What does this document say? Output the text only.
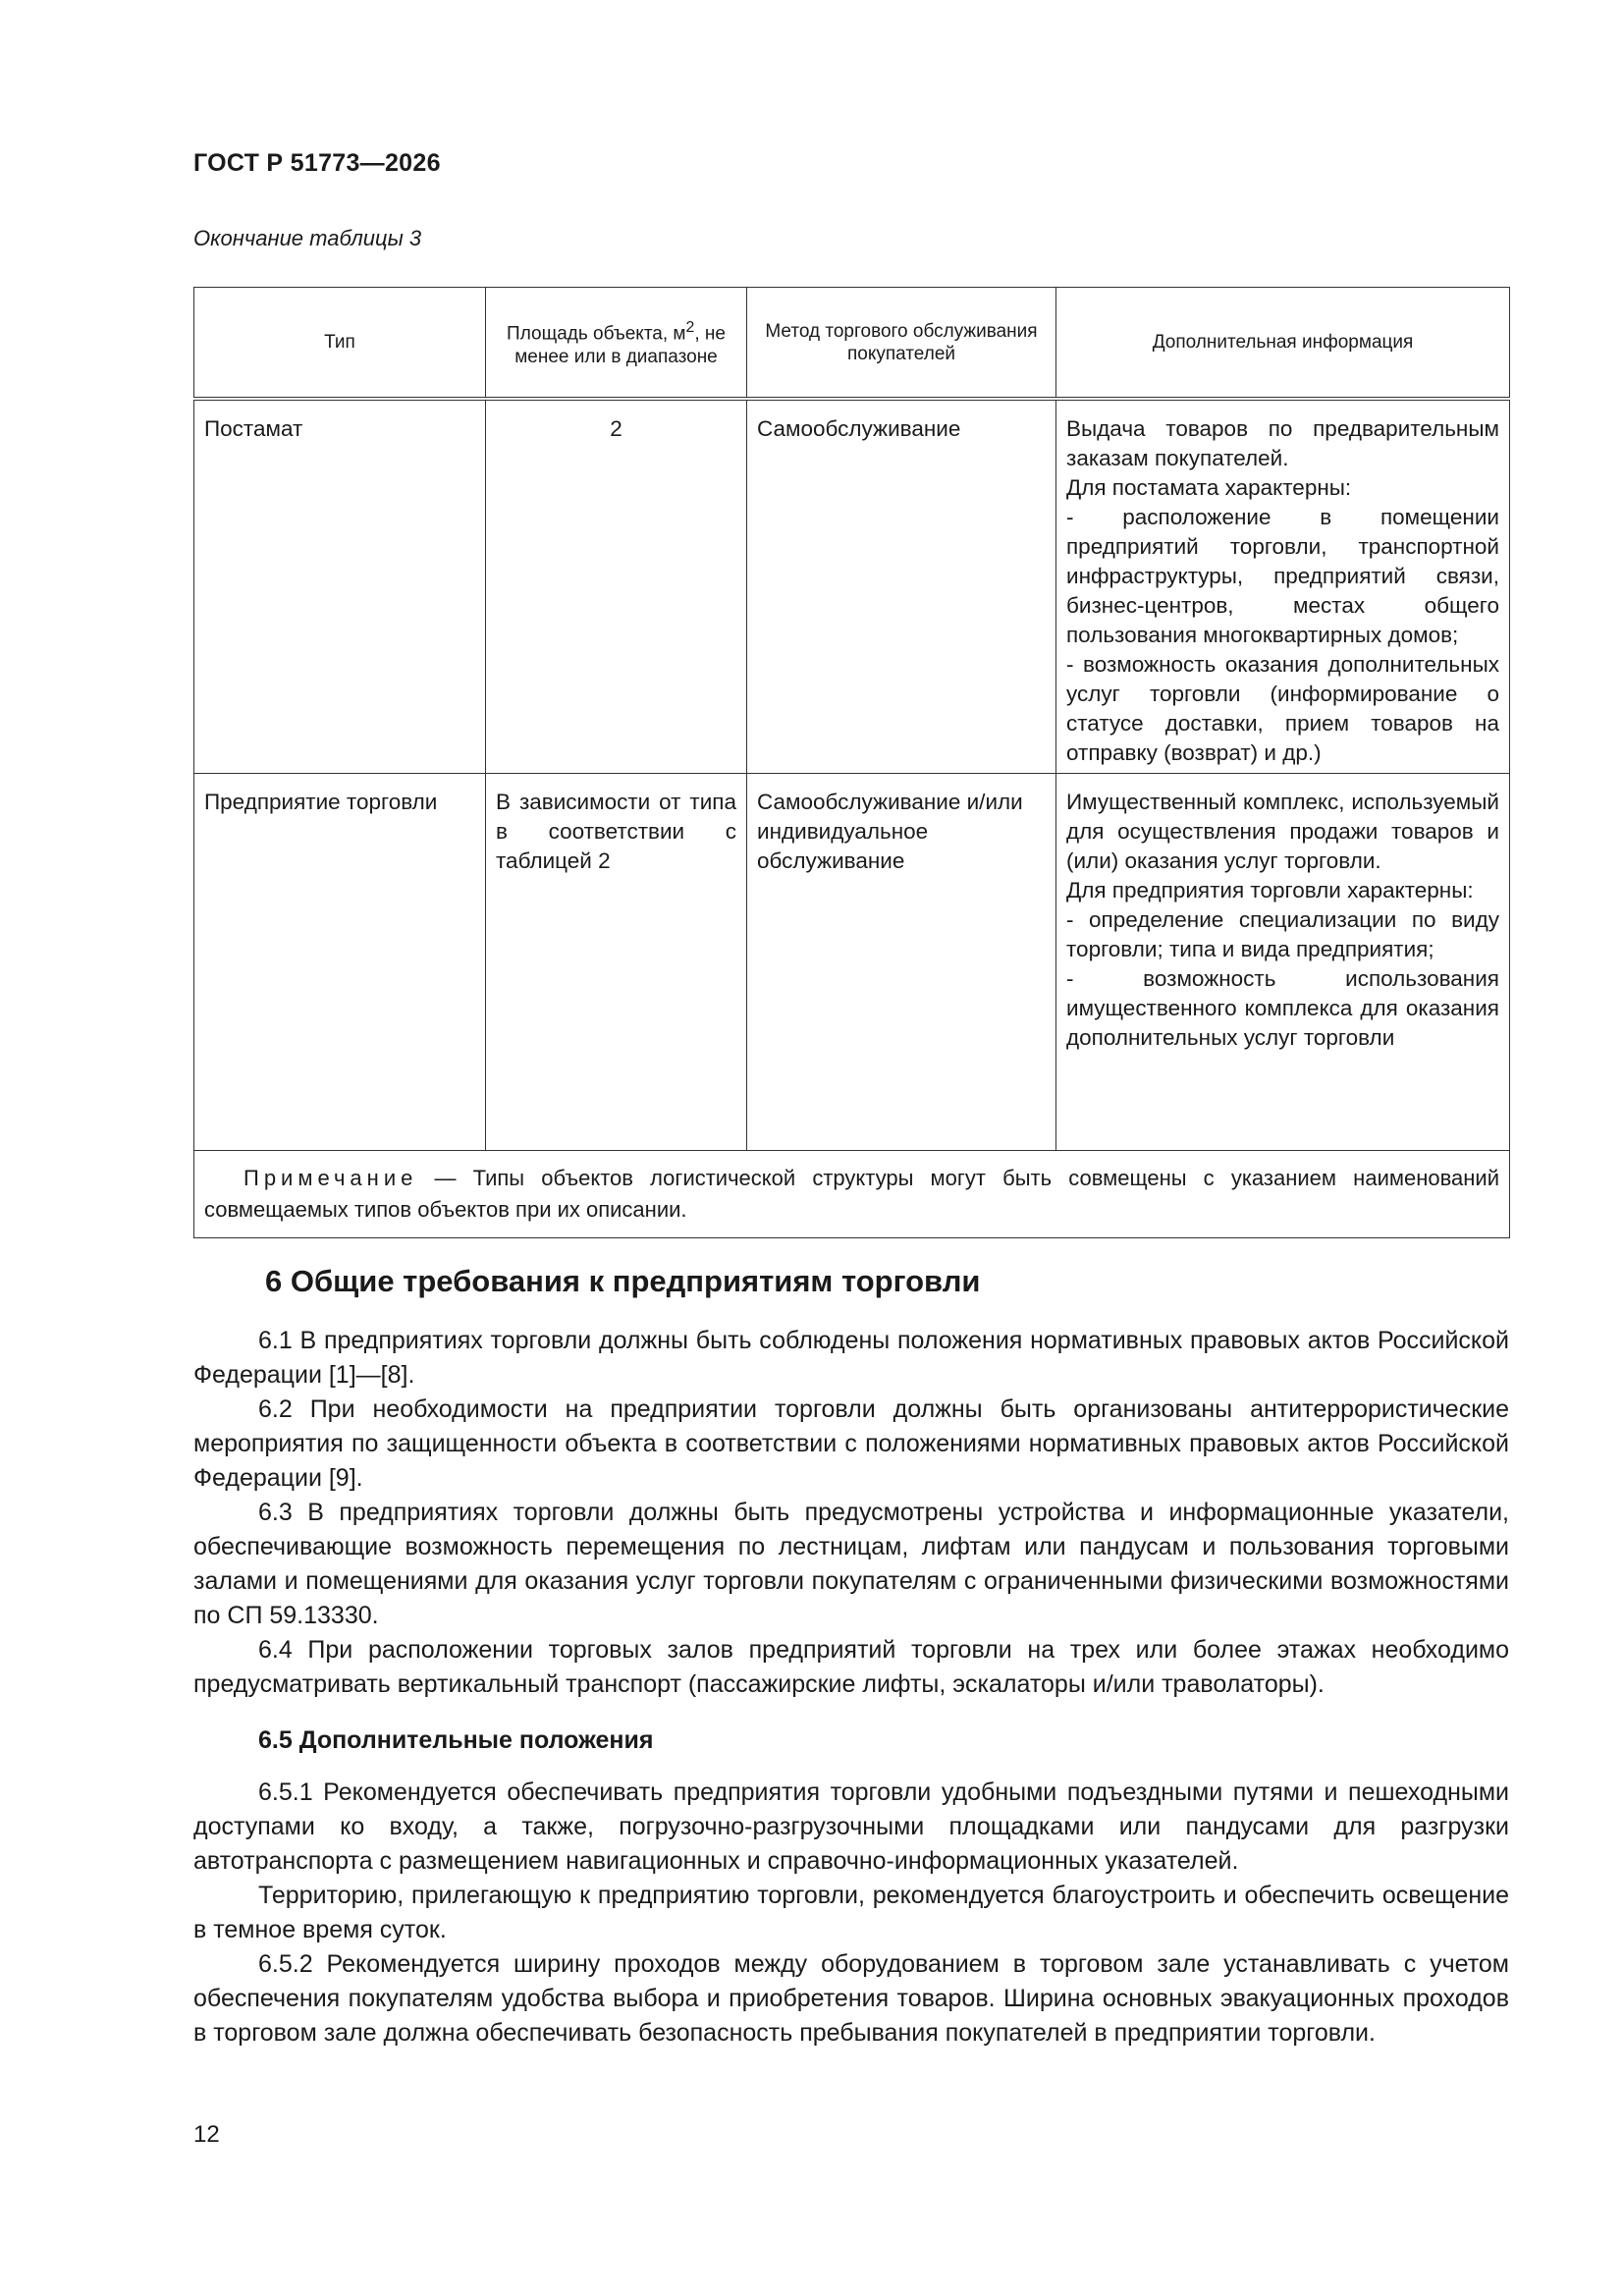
ГОСТ Р 51773—2026
Окончание таблицы 3
Тип	Площадь объекта, $м^2$, не менее или в диапазоне	Метод торгового обслуживания покупателей	Дополнительная информация

Постамат	2	Самообслуживание	Выдача товаров по предварительным заказам покупателей.
Для постамата характерны:
- расположение в помещении предприятий торговли, транспортной инфраструктуры, предприятий связи, бизнес-центров, местах общего пользования многоквартирных домов;
- возможность оказания дополнительных услуг торговли (информирование о статусе доставки, прием товаров на отправку (возврат) и др.)

Предприятие торговли	В зависимости от типа в соответствии с таблицей 2	Самообслуживание и/или индивидуальное обслуживание	Имущественный комплекс, используемый для осуществления продажи товаров и (или) оказания услуг торговли.
Для предприятия торговли характерны:
- определение специализации по виду торговли; типа и вида предприятия;
- возможность использования имущественного комплекса для оказания дополнительных услуг торговли

Примечание — Типы объектов логистической структуры могут быть совмещены с указанием наименований совмещаемых типов объектов при их описании.			
6 Общие требования к предприятиям торговли

6.1 В предприятиях торговли должны быть соблюдены положения нормативных правовых актов Российской Федерации [1]—[8].

6.2 При необходимости на предприятии торговли должны быть организованы антитеррористические мероприятия по защищенности объекта в соответствии с положениями нормативных правовых актов Российской Федерации [9].

6.3 В предприятиях торговли должны быть предусмотрены устройства и информационные указатели, обеспечивающие возможность перемещения по лестницам, лифтам или пандусам и пользования торговыми залами и помещениями для оказания услуг торговли покупателям с ограниченными физическими возможностями по СП 59.13330.

6.4 При расположении торговых залов предприятий торговли на трех или более этажах необходимо предусматривать вертикальный транспорт (пассажирские лифты, эскалаторы и/или траволаторы).

6.5 Дополнительные положения

6.5.1 Рекомендуется обеспечивать предприятия торговли удобными подъездными путями и пешеходными доступами ко входу, а также, погрузочно-разгрузочными площадками или пандусами для разгрузки автотранспорта с размещением навигационных и справочно-информационных указателей.

Территорию, прилегающую к предприятию торговли, рекомендуется благоустроить и обеспечить освещение в темное время суток.

6.5.2 Рекомендуется ширину проходов между оборудованием в торговом зале устанавливать с учетом обеспечения покупателям удобства выбора и приобретения товаров. Ширина основных эвакуационных проходов в торговом зале должна обеспечивать безопасность пребывания покупателей в предприятии торговли.

12
